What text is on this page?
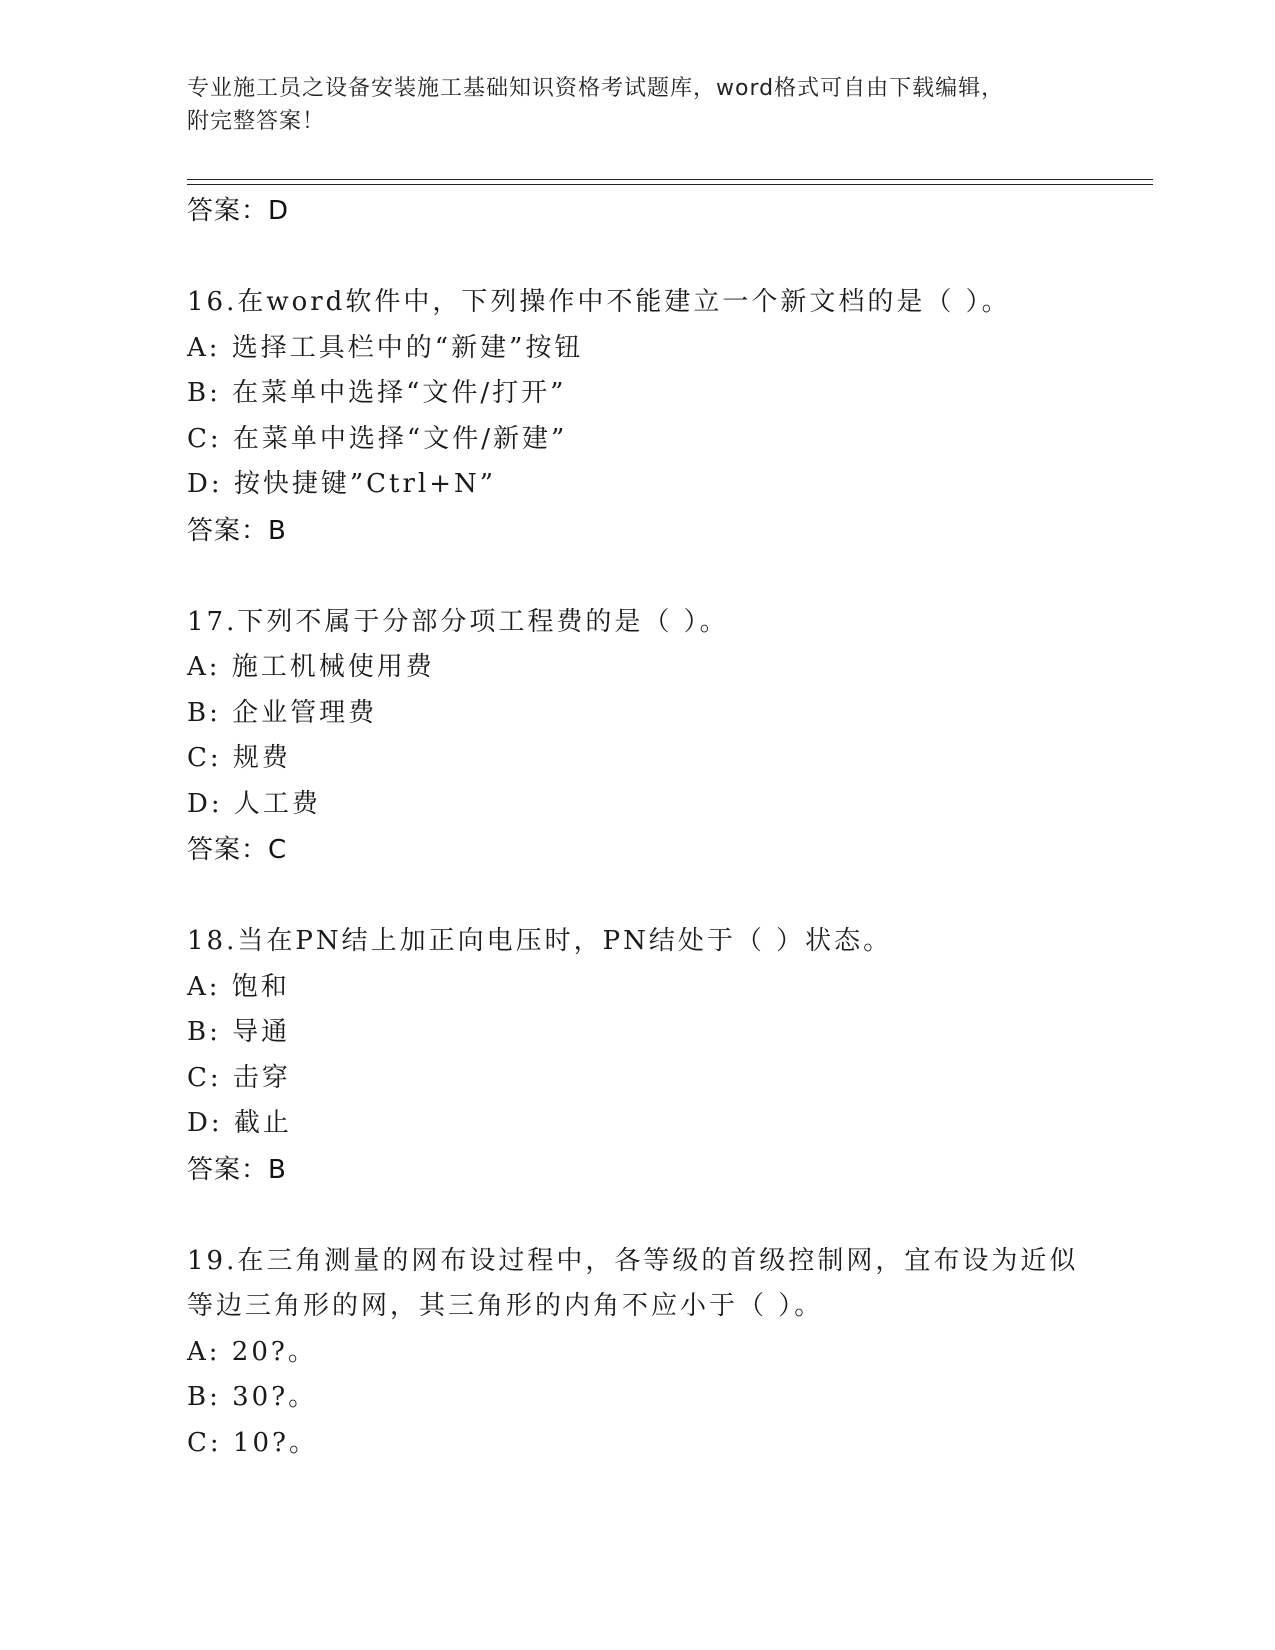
专业施工员之设备安装施工基础知识资格考试题库，word格式可自由下载编辑，
附完整答案！
答案：D
16.在word软件中，下列操作中不能建立一个新文档的是（ ）。
A: 选择工具栏中的“新建”按钮
B: 在菜单中选择“文件/打开”
C: 在菜单中选择“文件/新建”
D: 按快捷键”Ctrl+N”
答案：B
17.下列不属于分部分项工程费的是（ ）。
A: 施工机械使用费
B: 企业管理费
C: 规费
D: 人工费
答案：C
18.当在PN结上加正向电压时，PN结处于（ ）状态。
A: 饱和
B: 导通
C: 击穿
D: 截止
答案：B
19.在三角测量的网布设过程中，各等级的首级控制网，宜布设为近似
等边三角形的网，其三角形的内角不应小于（ ）。
A: 20?。
B: 30?。
C: 10?。
